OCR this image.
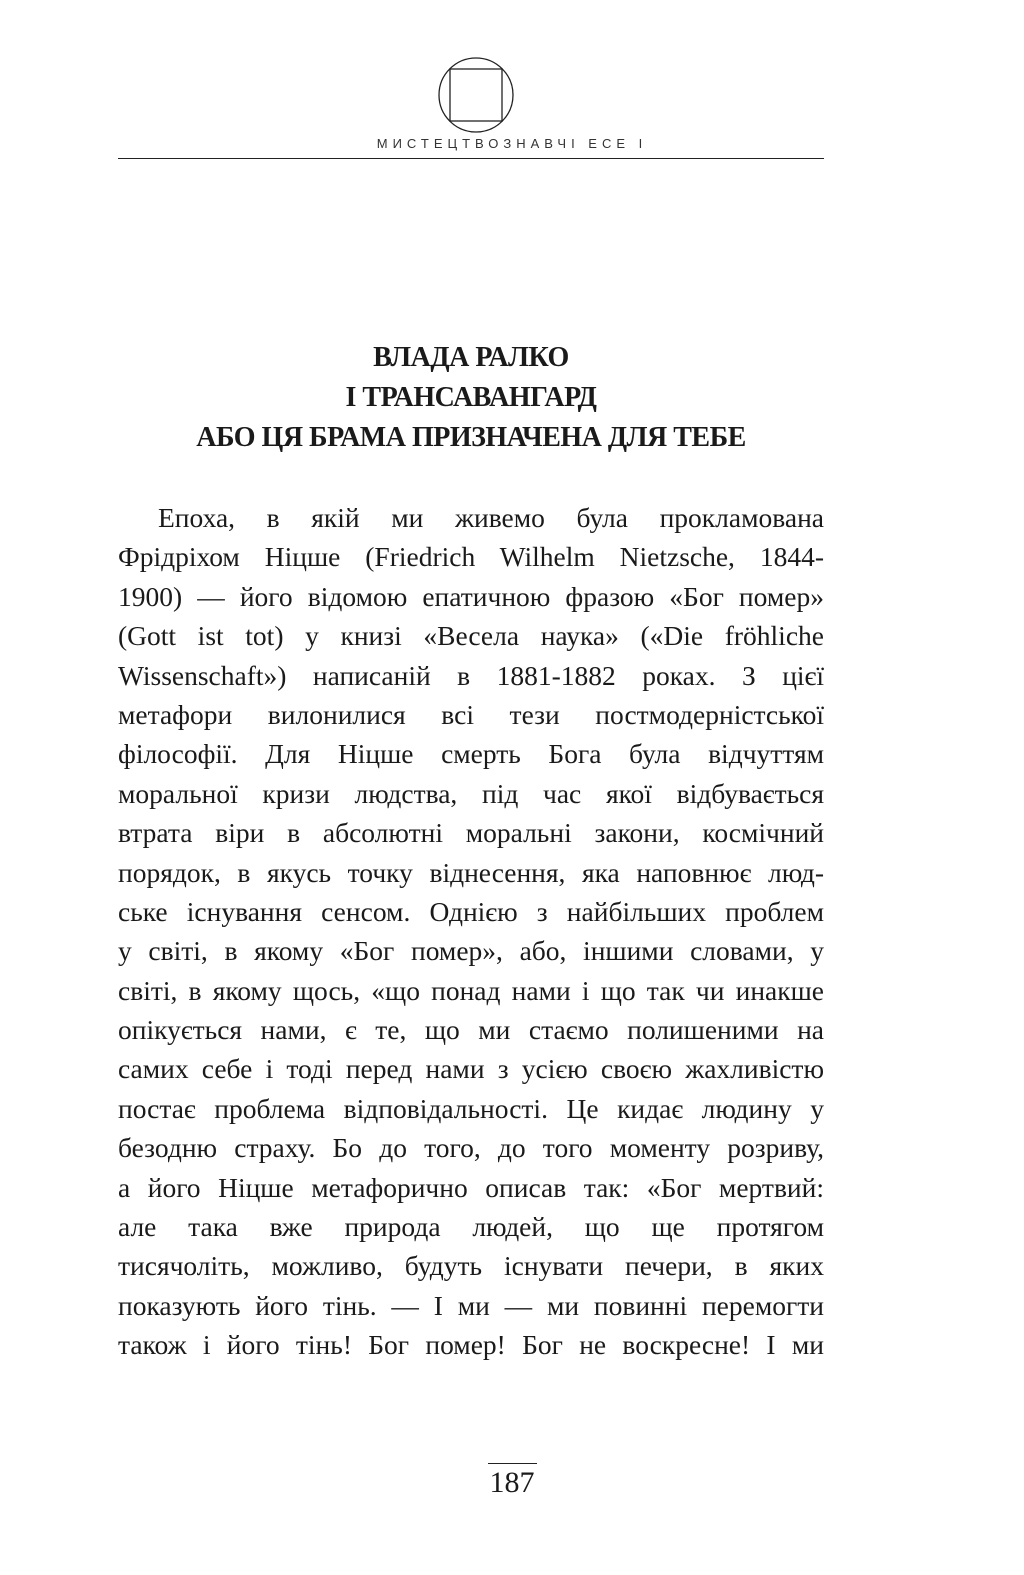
МИСТЕЦТВОЗНАВЧІ ЕСЕ І
ВЛАДА РАЛКО
І ТРАНСАВАНГАРД
АБО ЦЯ БРАМА ПРИЗНАЧЕНА ДЛЯ ТЕБЕ
Епоха, в якій ми живемо була прокламована
Фрідріхом Ніцше (Friedrich Wilhelm Nietzsche, 1844-
1900) — його відомою епатичною фразою «Бог помер»
(Gott ist tot) у книзі «Весела наука» («Die fröhliche
Wissenschaft») написаній в 1881-1882 роках. З цієї
метафори вилонилися всі тези постмодерністської
філософії. Для Ніцше смерть Бога була відчуттям
моральної кризи людства, під час якої відбувається
втрата віри в абсолютні моральні закони, космічний
порядок, в якусь точку віднесення, яка наповнює люд-
ське існування сенсом. Однією з найбільших проблем
у світі, в якому «Бог помер», або, іншими словами, у
світі, в якому щось, «що понад нами і що так чи инакше
опікується нами, є те, що ми стаємо полишеними на
самих себе і тоді перед нами з усією своєю жахливістю
постає проблема відповідальності. Це кидає людину у
безодню страху. Бо до того, до того моменту розриву,
а його Ніцше метафорично описав так: «Бог мертвий:
але така вже природа людей, що ще протягом
тисячоліть, можливо, будуть існувати печери, в яких
показують його тінь. — І ми — ми повинні перемогти
також і його тінь! Бог помер! Бог не воскресне! І ми
187
